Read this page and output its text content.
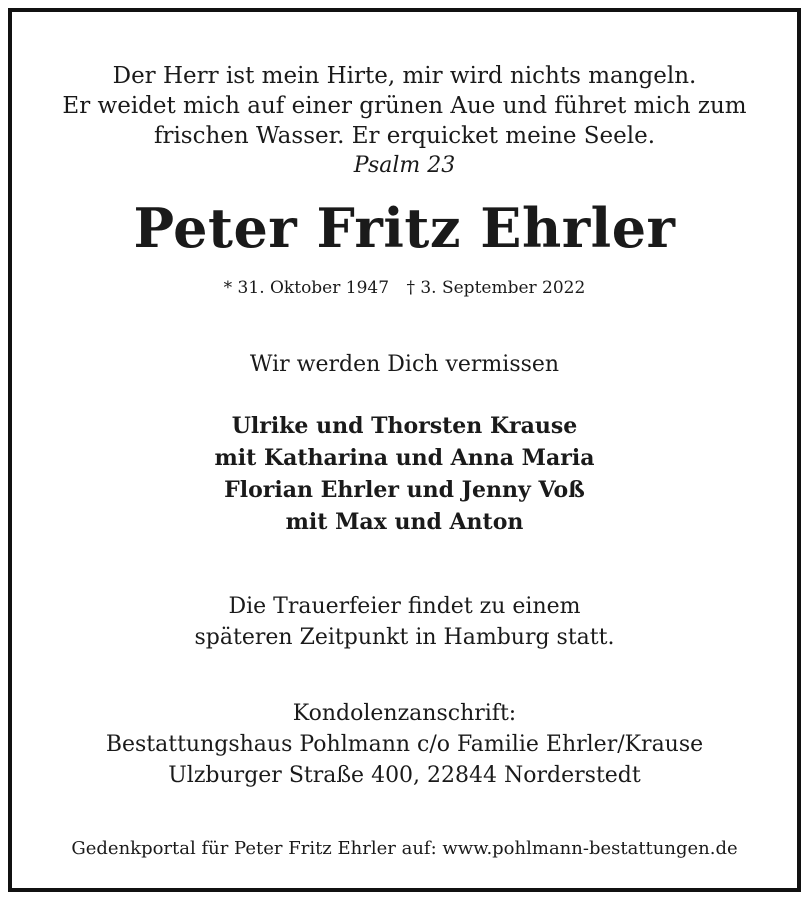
Der Herr ist mein Hirte, mir wird nichts mangeln.
Er weidet mich auf einer grünen Aue und führet mich zum
frischen Wasser. Er erquicket meine Seele.
Psalm 23
Peter Fritz Ehrler
* 31. Oktober 1947 † 3. September 2022
Wir werden Dich vermissen
Ulrike und Thorsten Krause
mit Katharina und Anna Maria
Florian Ehrler und Jenny Voß
mit Max und Anton
Die Trauerfeier findet zu einem
späteren Zeitpunkt in Hamburg statt.
Kondolenzanschrift:
Bestattungshaus Pohlmann c/o Familie Ehrler/Krause
Ulzburger Straße 400, 22844 Norderstedt
Gedenkportal für Peter Fritz Ehrler auf: www.pohlmann-bestattungen.de
